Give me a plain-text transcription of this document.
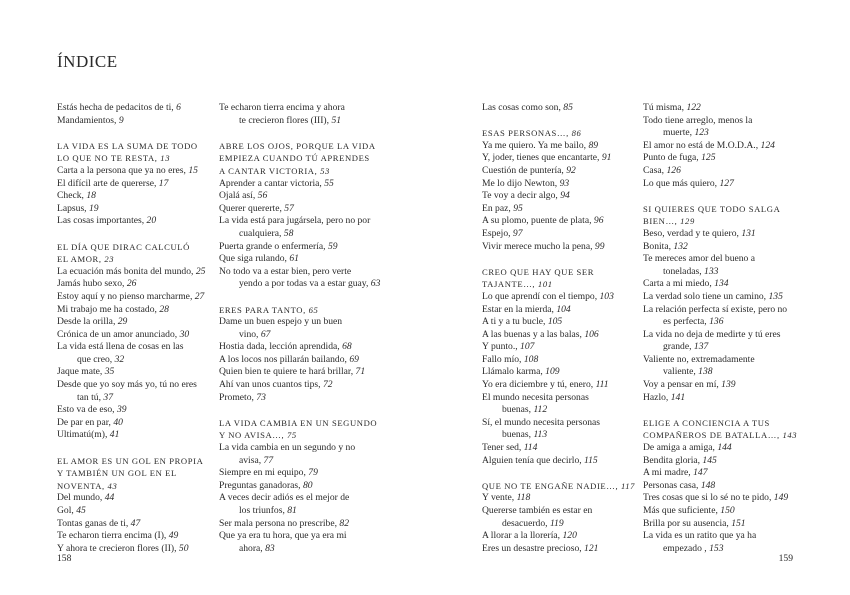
ÍNDICE
Estás hecha de pedacitos de ti, 6
Mandamientos, 9
LA VIDA ES LA SUMA DE TODO
LO QUE NO TE RESTA, 13
Carta a la persona que ya no eres, 15
El difícil arte de quererse, 17
Check, 18
Lapsus, 19
Las cosas importantes, 20
EL DÍA QUE DIRAC CALCULÓ
EL AMOR, 23
La ecuación más bonita del mundo, 25
Jamás hubo sexo, 26
Estoy aquí y no pienso marcharme, 27
Mi trabajo me ha costado, 28
Desde la orilla, 29
Crónica de un amor anunciado, 30
La vida está llena de cosas en las
que creo, 32
Jaque mate, 35
Desde que yo soy más yo, tú no eres
tan tú, 37
Esto va de eso, 39
De par en par, 40
Ultimatú(m), 41
EL AMOR ES UN GOL EN PROPIA
Y TAMBIÉN UN GOL EN EL
NOVENTA, 43
Del mundo, 44
Gol, 45
Tontas ganas de ti, 47
Te echaron tierra encima (I), 49
Y ahora te crecieron flores (II), 50
Te echaron tierra encima y ahora
te crecieron flores (III), 51
ABRE LOS OJOS, PORQUE LA VIDA
EMPIEZA CUANDO TÚ APRENDES
A CANTAR VICTORIA, 53
Aprender a cantar victoria, 55
Ojalá así, 56
Querer quererte, 57
La vida está para jugársela, pero no por
cualquiera, 58
Puerta grande o enfermería, 59
Que siga rulando, 61
No todo va a estar bien, pero verte
yendo a por todas va a estar guay, 63
ERES PARA TANTO, 65
Dame un buen espejo y un buen
vino, 67
Hostia dada, lección aprendida, 68
A los locos nos pillarán bailando, 69
Quien bien te quiere te hará brillar, 71
Ahí van unos cuantos tips, 72
Prometo, 73
LA VIDA CAMBIA EN UN SEGUNDO
Y NO AVISA…, 75
La vida cambia en un segundo y no
avisa, 77
Siempre en mi equipo, 79
Preguntas ganadoras, 80
A veces decir adiós es el mejor de
los triunfos, 81
Ser mala persona no prescribe, 82
Que ya era tu hora, que ya era mi
ahora, 83
158
Las cosas como son, 85
ESAS PERSONAS…, 86
Ya me quiero. Ya me bailo, 89
Y, joder, tienes que encantarte, 91
Cuestión de puntería, 92
Me lo dijo Newton, 93
Te voy a decir algo, 94
En paz, 95
A su plomo, puente de plata, 96
Espejo, 97
Vivir merece mucho la pena, 99
CREO QUE HAY QUE SER
TAJANTE…, 101
Lo que aprendí con el tiempo, 103
Estar en la mierda, 104
A ti y a tu bucle, 105
A las buenas y a las balas, 106
Y punto., 107
Fallo mío, 108
Llámalo karma, 109
Yo era diciembre y tú, enero, 111
El mundo necesita personas
buenas, 112
Sí, el mundo necesita personas
buenas, 113
Tener sed, 114
Alguien tenía que decirlo, 115
QUE NO TE ENGAÑE NADIE…, 117
Y vente, 118
Quererse también es estar en
desacuerdo, 119
A llorar a la llorería, 120
Eres un desastre precioso, 121
Tú misma, 122
Todo tiene arreglo, menos la
muerte, 123
El amor no está de M.O.D.A., 124
Punto de fuga, 125
Casa, 126
Lo que más quiero, 127
SI QUIERES QUE TODO SALGA
BIEN…, 129
Beso, verdad y te quiero, 131
Bonita, 132
Te mereces amor del bueno a
toneladas, 133
Carta a mi miedo, 134
La verdad solo tiene un camino, 135
La relación perfecta sí existe, pero no
es perfecta, 136
La vida no deja de medirte y tú eres
grande, 137
Valiente no, extremadamente
valiente, 138
Voy a pensar en mí, 139
Hazlo, 141
ELIGE A CONCIENCIA A TUS
COMPAÑEROS DE BATALLA…, 143
De amiga a amiga, 144
Bendita gloria, 145
A mi madre, 147
Personas casa, 148
Tres cosas que si lo sé no te pido, 149
Más que suficiente, 150
Brilla por su ausencia, 151
La vida es un ratito que ya ha
empezado , 153
159
